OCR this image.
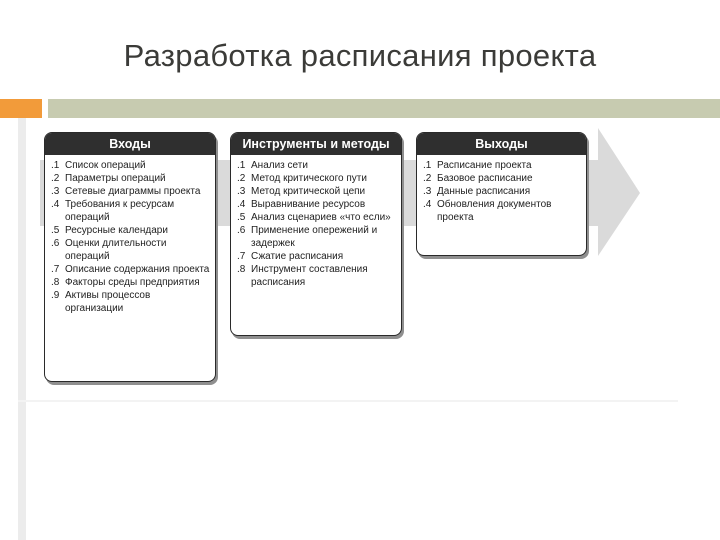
Разработка расписания проекта
Входы
.1 Список операций
.2 Параметры операций
.3 Сетевые диаграммы проекта
.4 Требования к ресурсам операций
.5 Ресурсные календари
.6 Оценки длительности операций
.7 Описание содержания проекта
.8 Факторы среды предприятия
.9 Активы процессов организации
Инструменты и методы
.1 Анализ сети
.2 Метод критического пути
.3 Метод критической цепи
.4 Выравнивание ресурсов
.5 Анализ сценариев «что если»
.6 Применение опережений и задержек
.7 Сжатие расписания
.8 Инструмент составления расписания
Выходы
.1 Расписание проекта
.2 Базовое расписание
.3 Данные расписания
.4 Обновления документов проекта
